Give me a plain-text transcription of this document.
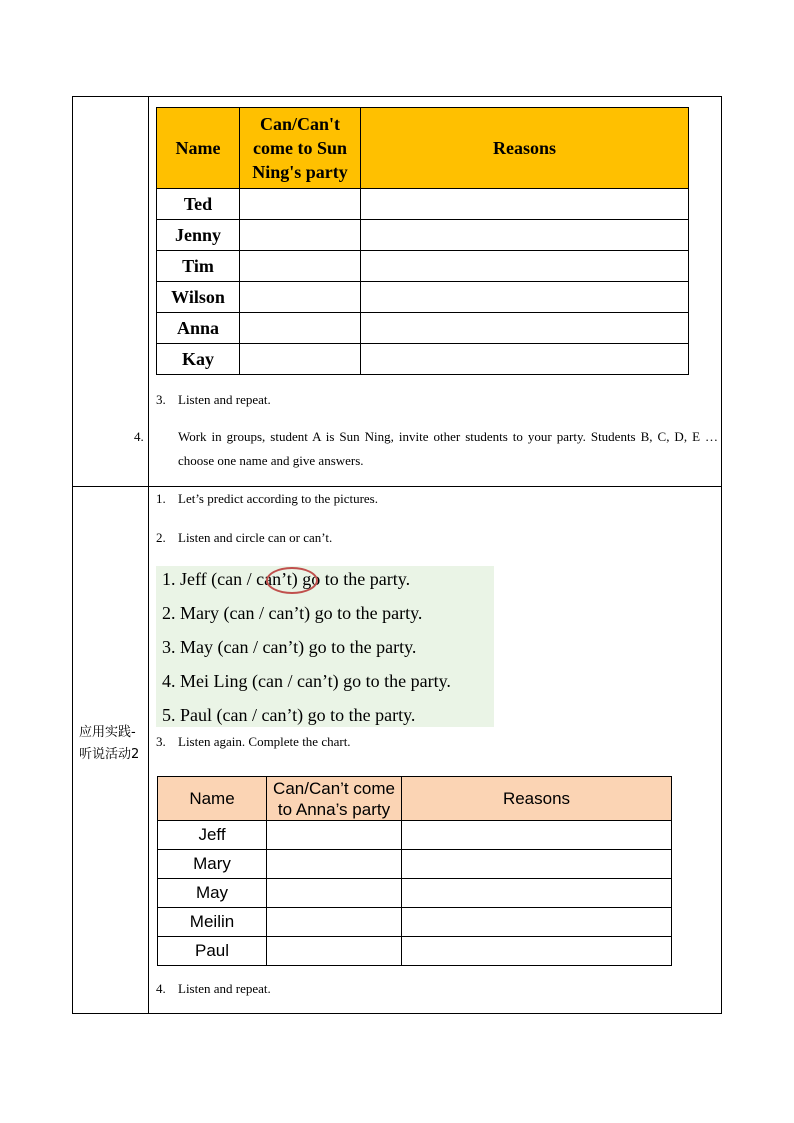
应用实践-听说活动2
Name	Can/Can't come to Sun Ning's party	Reasons
Ted		
Jenny		
Tim		
Wilson		
Anna		
Kay		
3. Listen and repeat.
4.	Work in groups, student A is Sun Ning, invite other students to your party. Students B, C, D, E … choose one name and give answers.
1. Let’s predict according to the pictures.
2. Listen and circle can or can’t.
1. Jeff (can / can’t) go to the party.
2. Mary (can / can’t) go to the party.
3. May (can / can’t) go to the party.
4. Mei Ling (can / can’t) go to the party.
5. Paul (can / can’t) go to the party.
3. Listen again. Complete the chart.
Name	Can/Can’t come to Anna’s party	Reasons
Jeff		
Mary		
May		
Meilin		
Paul		
4. Listen and repeat.
